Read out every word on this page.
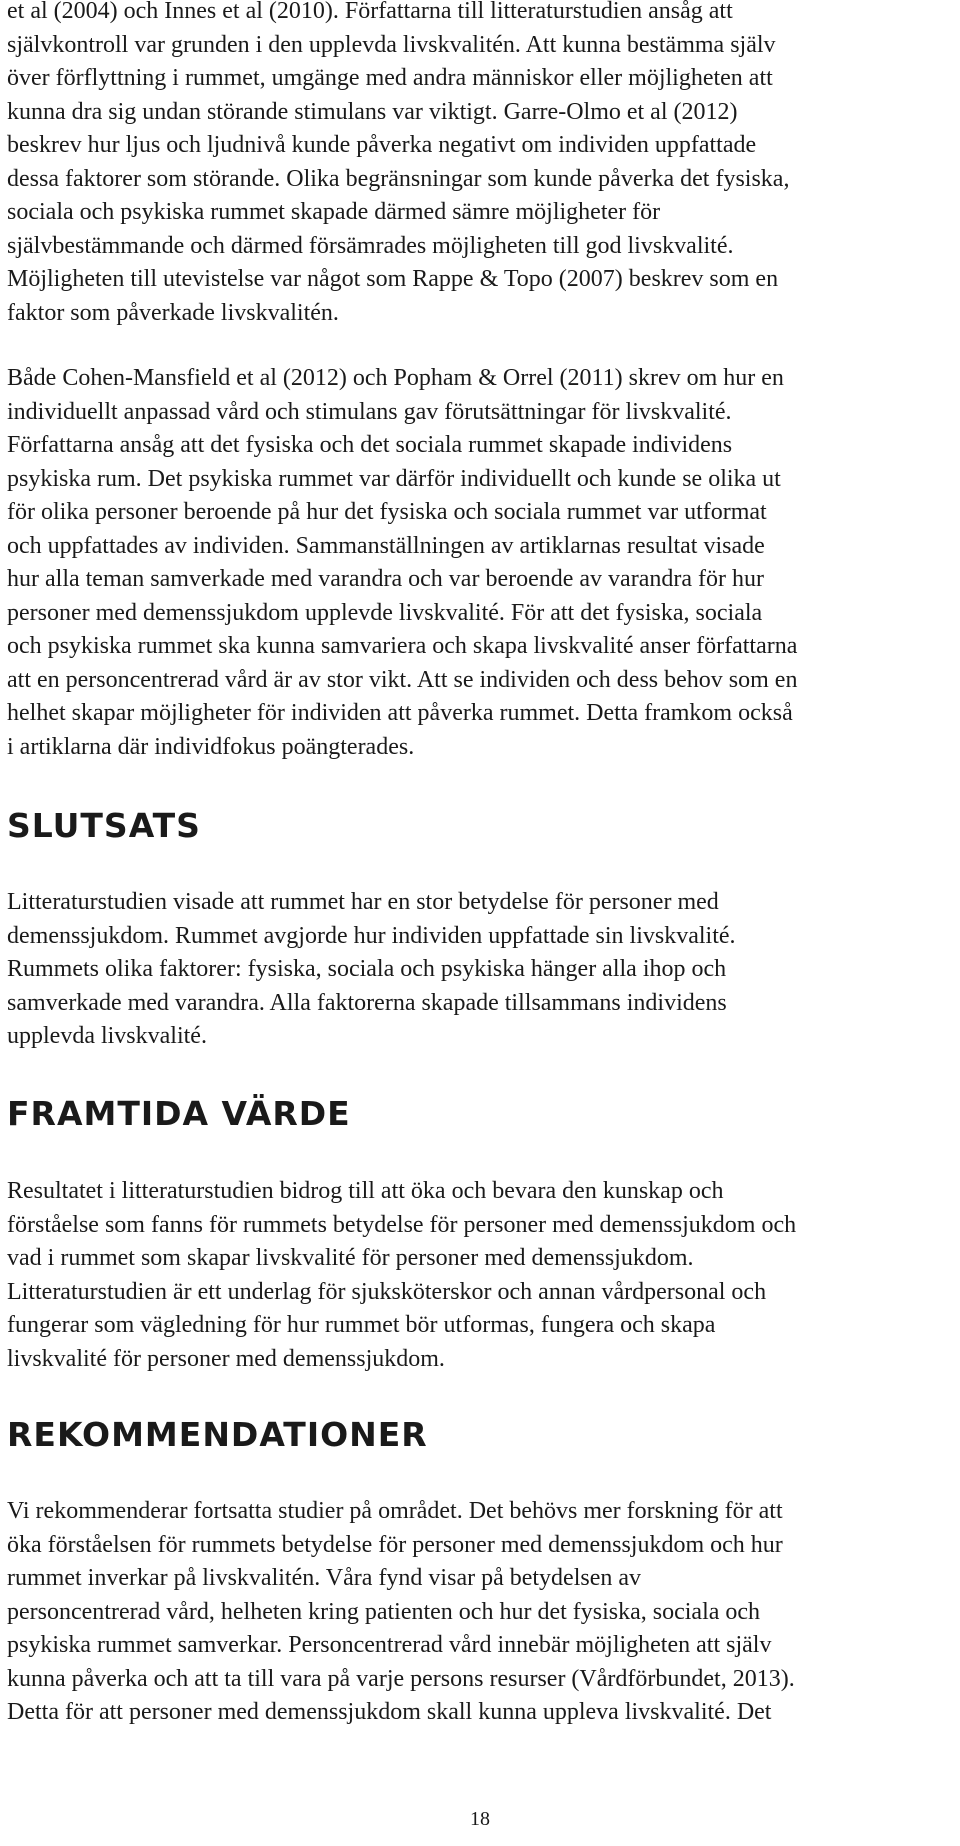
et al (2004) och Innes et al (2010). Författarna till litteraturstudien ansåg att
självkontroll var grunden i den upplevda livskvalitén. Att kunna bestämma själv
över förflyttning i rummet, umgänge med andra människor eller möjligheten att
kunna dra sig undan störande stimulans var viktigt. Garre-Olmo et al (2012)
beskrev hur ljus och ljudnivå kunde påverka negativt om individen uppfattade
dessa faktorer som störande. Olika begränsningar som kunde påverka det fysiska,
sociala och psykiska rummet skapade därmed sämre möjligheter för
självbestämmande och därmed försämrades möjligheten till god livskvalité.
Möjligheten till utevistelse var något som Rappe & Topo (2007) beskrev som en
faktor som påverkade livskvalitén.

Både Cohen-Mansfield et al (2012) och Popham & Orrel (2011) skrev om hur en
individuellt anpassad vård och stimulans gav förutsättningar för livskvalité.
Författarna ansåg att det fysiska och det sociala rummet skapade individens
psykiska rum. Det psykiska rummet var därför individuellt och kunde se olika ut
för olika personer beroende på hur det fysiska och sociala rummet var utformat
och uppfattades av individen. Sammanställningen av artiklarnas resultat visade
hur alla teman samverkade med varandra och var beroende av varandra för hur
personer med demenssjukdom upplevde livskvalité. För att det fysiska, sociala
och psykiska rummet ska kunna samvariera och skapa livskvalité anser författarna
att en personcentrerad vård är av stor vikt. Att se individen och dess behov som en
helhet skapar möjligheter för individen att påverka rummet. Detta framkom också
i artiklarna där individfokus poängterades.

SLUTSATS

Litteraturstudien visade att rummet har en stor betydelse för personer med
demenssjukdom. Rummet avgjorde hur individen uppfattade sin livskvalité.
Rummets olika faktorer: fysiska, sociala och psykiska hänger alla ihop och
samverkade med varandra. Alla faktorerna skapade tillsammans individens
upplevda livskvalité.

FRAMTIDA VÄRDE

Resultatet i litteraturstudien bidrog till att öka och bevara den kunskap och
förståelse som fanns för rummets betydelse för personer med demenssjukdom och
vad i rummet som skapar livskvalité för personer med demenssjukdom.
Litteraturstudien är ett underlag för sjuksköterskor och annan vårdpersonal och
fungerar som vägledning för hur rummet bör utformas, fungera och skapa
livskvalité för personer med demenssjukdom.

REKOMMENDATIONER

Vi rekommenderar fortsatta studier på området. Det behövs mer forskning för att
öka förståelsen för rummets betydelse för personer med demenssjukdom och hur
rummet inverkar på livskvalitén. Våra fynd visar på betydelsen av
personcentrerad vård, helheten kring patienten och hur det fysiska, sociala och
psykiska rummet samverkar. Personcentrerad vård innebär möjligheten att själv
kunna påverka och att ta till vara på varje persons resurser (Vårdförbundet, 2013).
Detta för att personer med demenssjukdom skall kunna uppleva livskvalité. Det

18
